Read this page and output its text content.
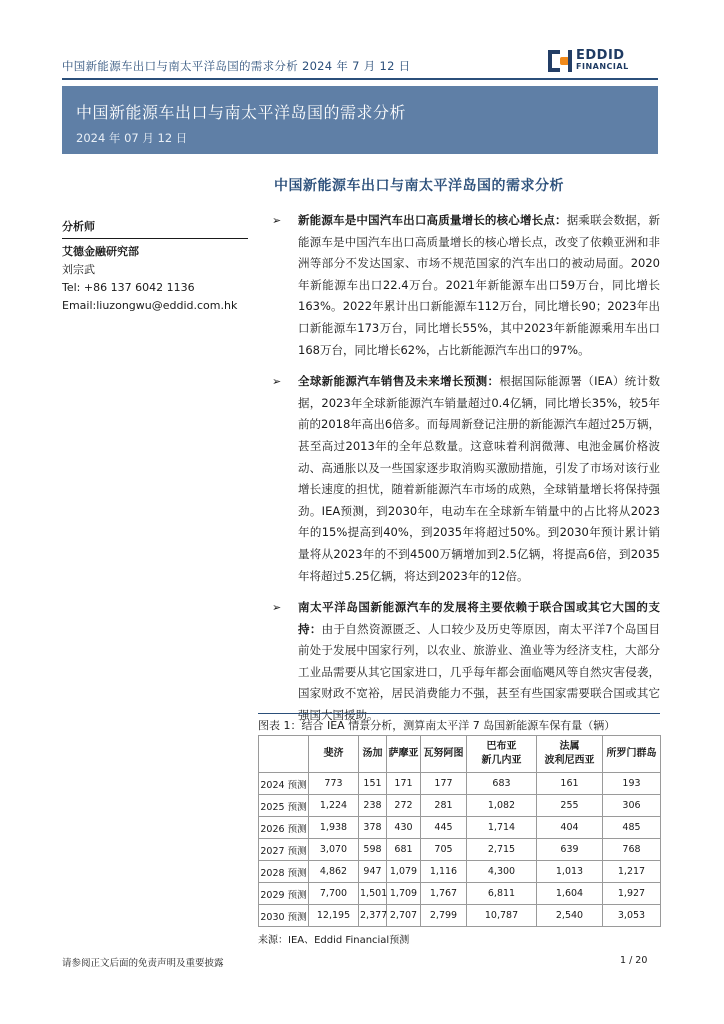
中国新能源车出口与南太平洋岛国的需求分析 2024 年 7 月 12 日
EDDID
FINANCIAL
中国新能源车出口与南太平洋岛国的需求分析
2024 年 07 月 12 日
中国新能源车出口与南太平洋岛国的需求分析
分析师
艾德金融研究部
刘宗武
Tel: +86 137 6042 1136
Email:liuzongwu@eddid.com.hk
➢ 新能源车是中国汽车出口高质量增长的核心增长点：据乘联会数据，新能源车是中国汽车出口高质量增长的核心增长点，改变了依赖亚洲和非洲等部分不发达国家、市场不规范国家的汽车出口的被动局面。2020年新能源车出口22.4万台。2021年新能源车出口59万台，同比增长163%。2022年累计出口新能源车112万台，同比增长90；2023年出口新能源车173万台，同比增长55%，其中2023年新能源乘用车出口168万台，同比增长62%，占比新能源汽车出口的97%。
➢ 全球新能源汽车销售及未来增长预测：根据国际能源署（IEA）统计数据，2023年全球新能源汽车销量超过0.4亿辆，同比增长35%，较5年前的2018年高出6倍多。而每周新登记注册的新能源汽车超过25万辆，甚至高过2013年的全年总数量。这意味着利润微薄、电池金属价格波动、高通胀以及一些国家逐步取消购买激励措施，引发了市场对该行业增长速度的担忧，随着新能源汽车市场的成熟，全球销量增长将保持强劲。IEA预测，到2030年，电动车在全球新车销量中的占比将从2023年的15%提高到40%，到2035年将超过50%。到2030年预计累计销量将从2023年的不到4500万辆增加到2.5亿辆，将提高6倍，到2035年将超过5.25亿辆，将达到2023年的12倍。
➢ 南太平洋岛国新能源汽车的发展将主要依赖于联合国或其它大国的支持：由于自然资源匮乏、人口较少及历史等原因，南太平洋7个岛国目前处于发展中国家行列，以农业、旅游业、渔业等为经济支柱，大部分工业品需要从其它国家进口，几乎每年都会面临飓风等自然灾害侵袭，国家财政不宽裕，居民消费能力不强，甚至有些国家需要联合国或其它强国大国援助。
图表 1：结合 IEA 情景分析，测算南太平洋 7 岛国新能源车保有量（辆）
	斐济	汤加	萨摩亚	瓦努阿图	巴布亚
新几内亚	法属
波利尼西亚	所罗门群岛
2024 预测	773	151	171	177	683	161	193
2025 预测	1,224	238	272	281	1,082	255	306
2026 预测	1,938	378	430	445	1,714	404	485
2027 预测	3,070	598	681	705	2,715	639	768
2028 预测	4,862	947	1,079	1,116	4,300	1,013	1,217
2029 预测	7,700	1,501	1,709	1,767	6,811	1,604	1,927
2030 预测	12,195	2,377	2,707	2,799	10,787	2,540	3,053
来源：IEA、Eddid Financial预测
请参阅正文后面的免责声明及重要披露	1 / 20
